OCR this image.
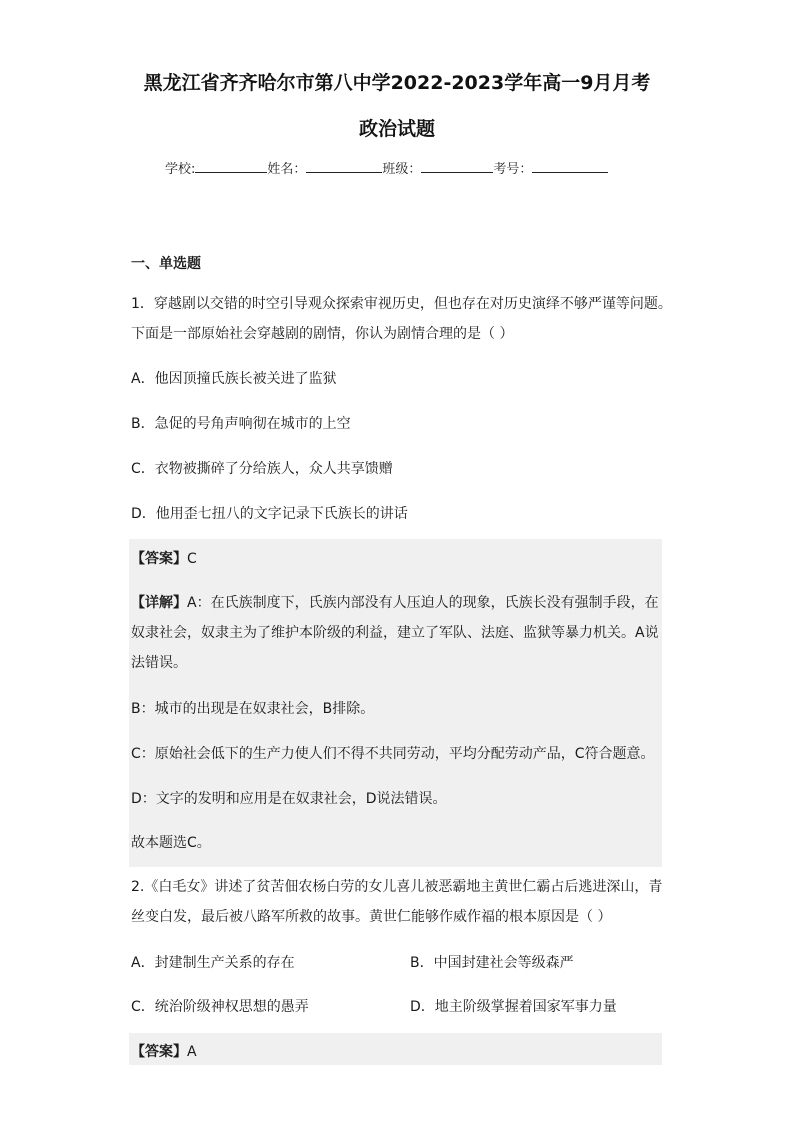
黑龙江省齐齐哈尔市第八中学2022-2023学年高一9月月考
政治试题
学校:	姓名：	班级：	考号：
一、单选题
1．穿越剧以交错的时空引导观众探索审视历史，但也存在对历史演绎不够严谨等问题。
下面是一部原始社会穿越剧的剧情，你认为剧情合理的是（ ）
A．他因顶撞氏族长被关进了监狱
B．急促的号角声响彻在城市的上空
C．衣物被撕碎了分给族人，众人共享馈赠
D．他用歪七扭八的文字记录下氏族长的讲话
【答案】C
【详解】A：在氏族制度下，氏族内部没有人压迫人的现象，氏族长没有强制手段，在
奴隶社会，奴隶主为了维护本阶级的利益，建立了军队、法庭、监狱等暴力机关。A说
法错误。
B：城市的出现是在奴隶社会，B排除。
C：原始社会低下的生产力使人们不得不共同劳动，平均分配劳动产品，C符合题意。
D：文字的发明和应用是在奴隶社会，D说法错误。
故本题选C。
2.《白毛女》讲述了贫苦佃农杨白劳的女儿喜儿被恶霸地主黄世仁霸占后逃进深山，青
丝变白发，最后被八路军所救的故事。黄世仁能够作威作福的根本原因是（ ）
A．封建制生产关系的存在	B．中国封建社会等级森严
C．统治阶级神权思想的愚弄	D．地主阶级掌握着国家军事力量
【答案】A
